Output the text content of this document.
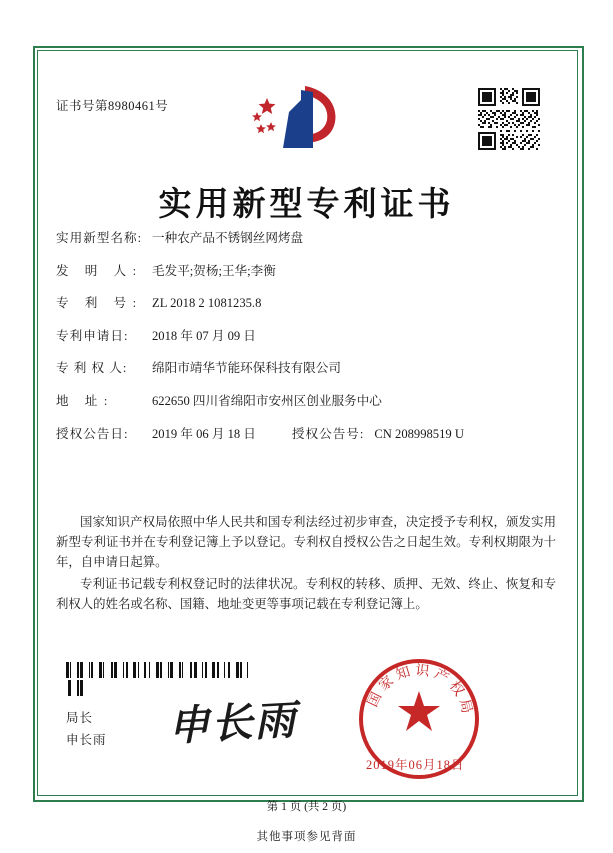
证书号第8980461号
实用新型专利证书
实用新型名称: 一种农产品不锈钢丝网烤盘
发 明 人: 毛发平;贺杨;王华;李衡
专 利 号: ZL 2018 2 1081235.8
专利申请日:	2018 年 07 月 09 日
专 利 权 人:	绵阳市靖华节能环保科技有限公司
地 址:	622650 四川省绵阳市安州区创业服务中心
授权公告日:	2019 年 06 月 18 日	授权公告号: CN 208998519 U

国家知识产权局依照中华人民共和国专利法经过初步审查，决定授予专利权，颁发实用新型专利证书并在专利登记簿上予以登记。专利权自授权公告之日起生效。专利权期限为十年，自申请日起算。

专利证书记载专利权登记时的法律状况。专利权的转移、质押、无效、终止、恢复和专利权人的姓名或名称、国籍、地址变更等事项记载在专利登记簿上。

局长
申长雨 申长雨	国家知识产权局
2019年06月18日
第 1 页 (共 2 页)
其他事项参见背面
